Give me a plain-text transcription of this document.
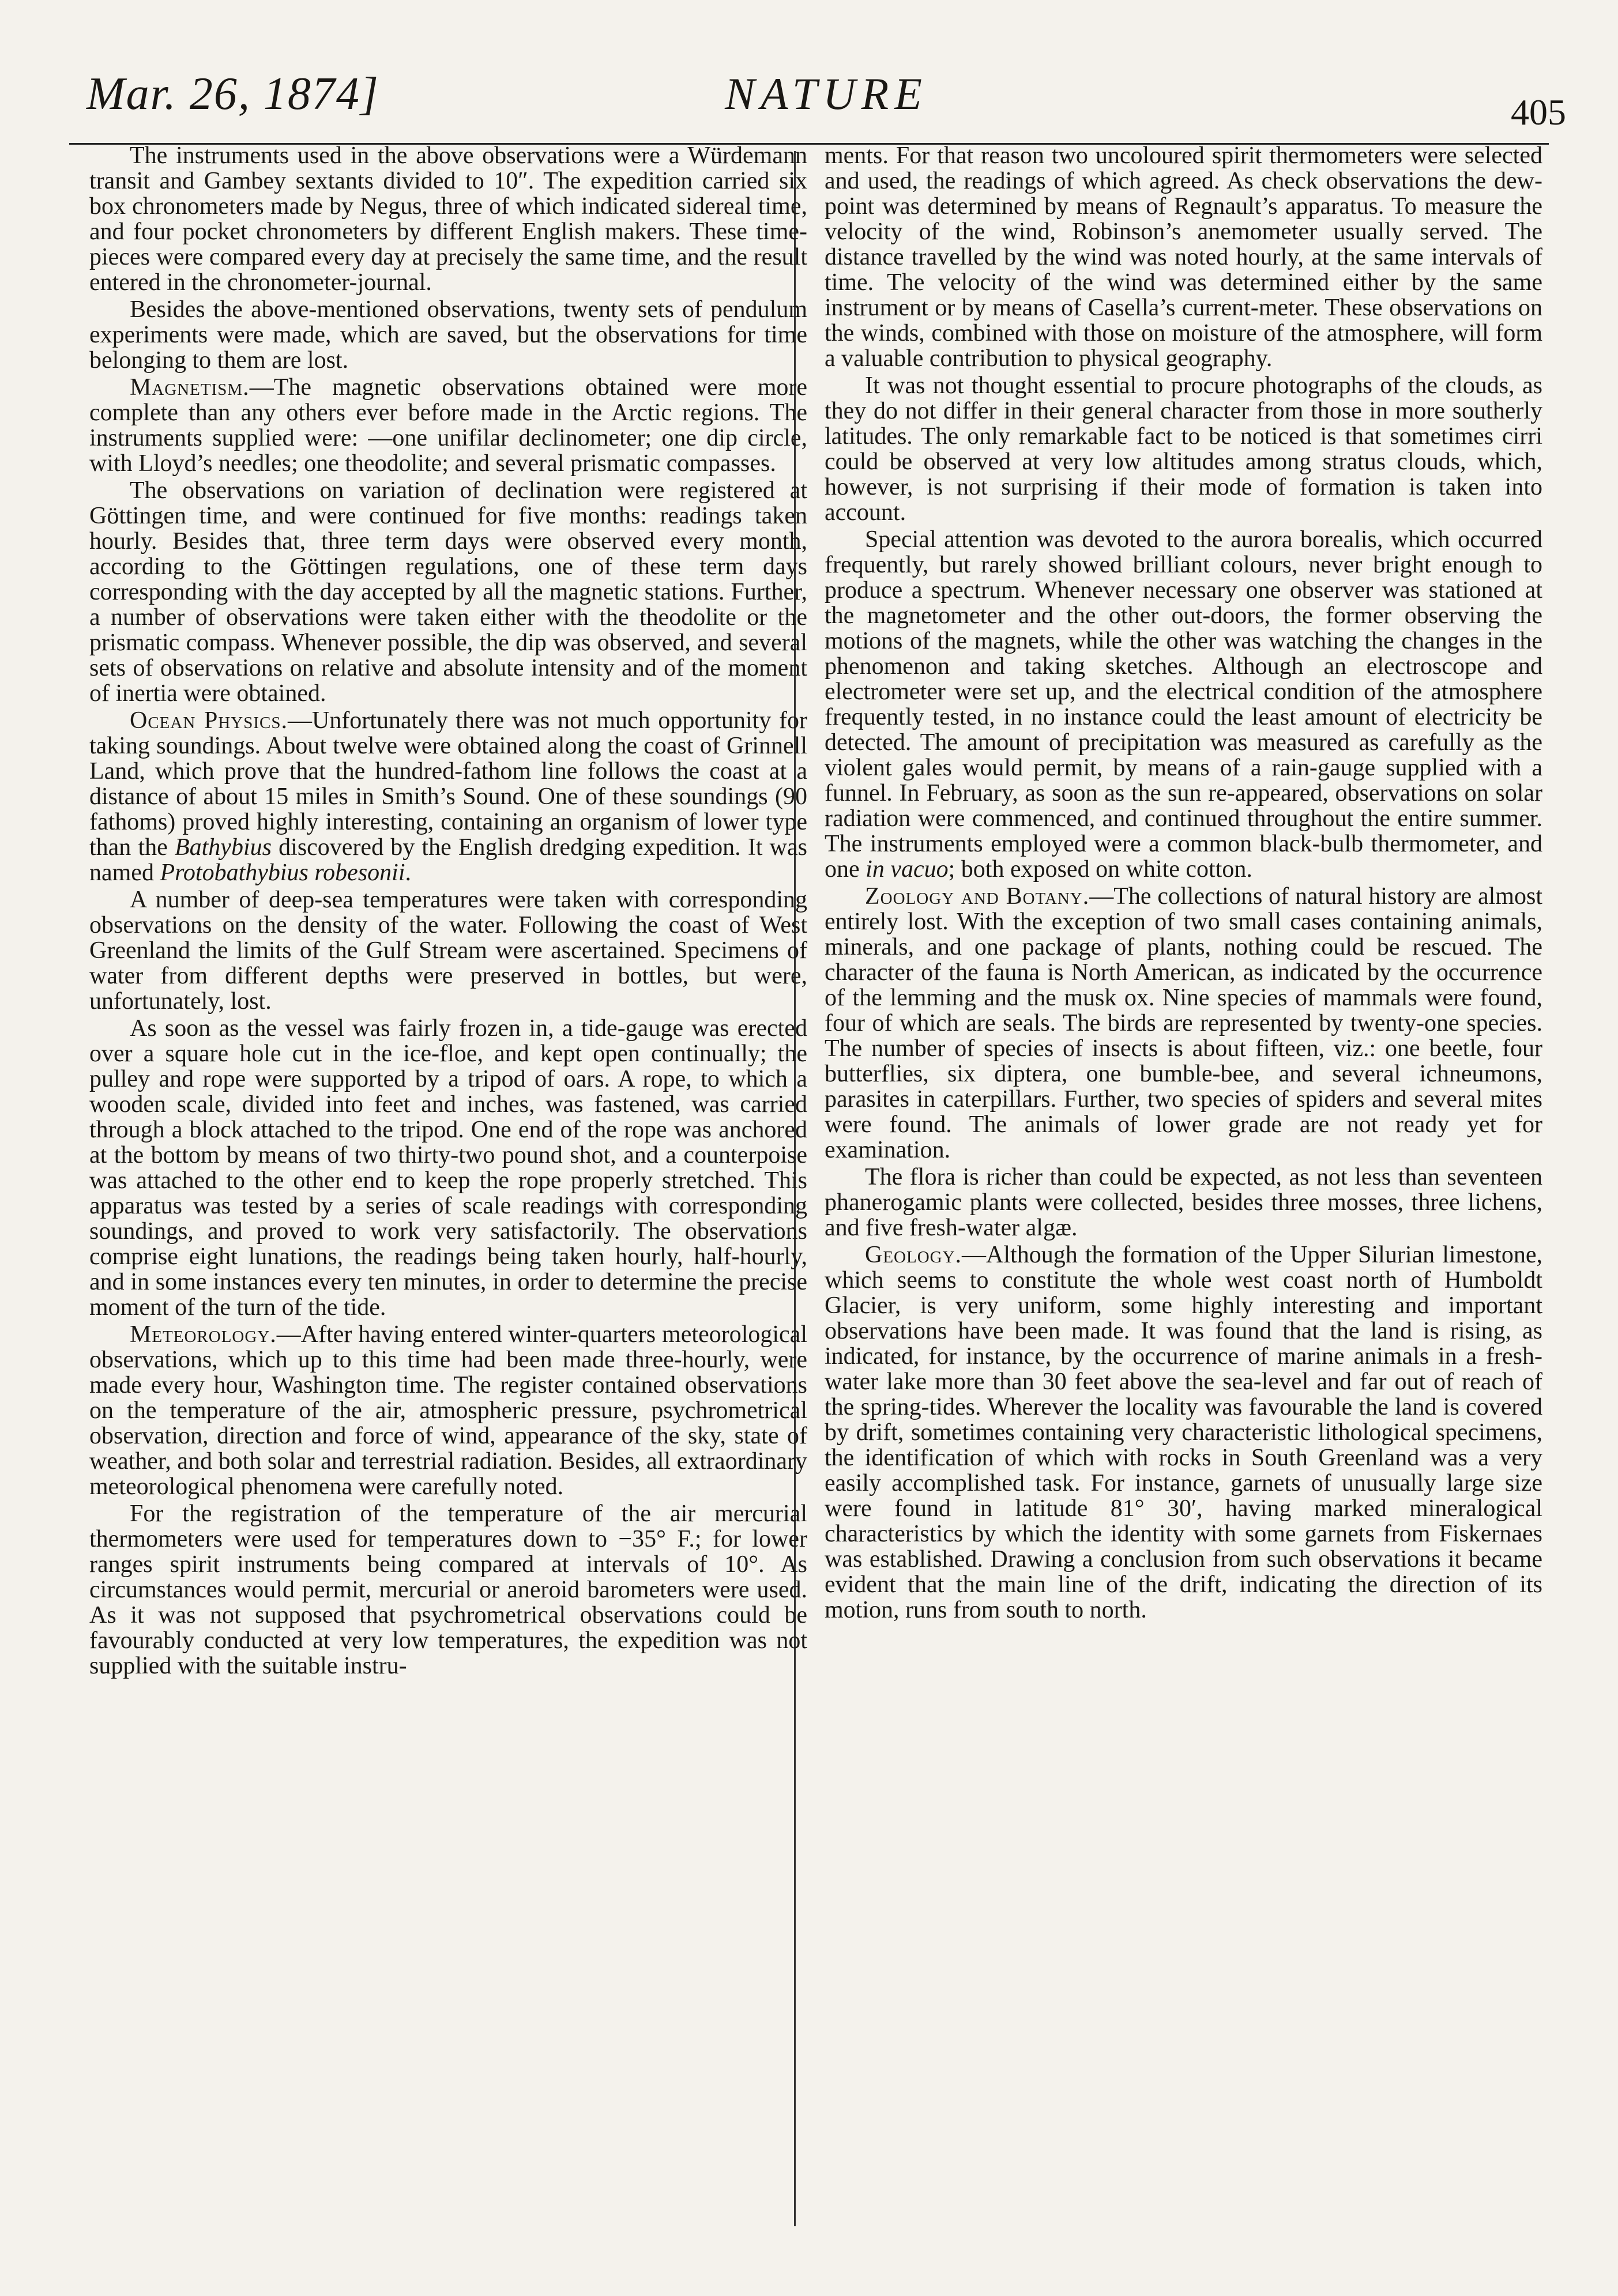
Mar. 26, 1874]	NATURE	405

The instruments used in the above observations were a Würdemann transit and Gambey sextants divided to 10″. The expedition carried six box chronometers made by Negus, three of which indicated sidereal time, and four pocket chronometers by different English makers. These time-pieces were compared every day at precisely the same time, and the result entered in the chronometer-journal.

Besides the above-mentioned observations, twenty sets of pendulum experiments were made, which are saved, but the observations for time belonging to them are lost.

Magnetism.—The magnetic observations obtained were more complete than any others ever before made in the Arctic regions. The instruments supplied were: —one unifilar declinometer; one dip circle, with Lloyd’s needles; one theodolite; and several prismatic compasses.

The observations on variation of declination were registered at Göttingen time, and were continued for five months: readings taken hourly. Besides that, three term days were observed every month, according to the Göttingen regulations, one of these term days corresponding with the day accepted by all the magnetic stations. Further, a number of observations were taken either with the theodolite or the prismatic compass. Whenever possible, the dip was observed, and several sets of observations on relative and absolute intensity and of the moment of inertia were obtained.

Ocean Physics.—Unfortunately there was not much opportunity for taking soundings. About twelve were obtained along the coast of Grinnell Land, which prove that the hundred-fathom line follows the coast at a distance of about 15 miles in Smith’s Sound. One of these soundings (90 fathoms) proved highly interesting, containing an organism of lower type than the Bathybius discovered by the English dredging expedition. It was named Protobathybius robesonii.

A number of deep-sea temperatures were taken with corresponding observations on the density of the water. Following the coast of West Greenland the limits of the Gulf Stream were ascertained. Specimens of water from different depths were preserved in bottles, but were, unfortunately, lost.

As soon as the vessel was fairly frozen in, a tide-gauge was erected over a square hole cut in the ice-floe, and kept open continually; the pulley and rope were supported by a tripod of oars. A rope, to which a wooden scale, divided into feet and inches, was fastened, was carried through a block attached to the tripod. One end of the rope was anchored at the bottom by means of two thirty-two pound shot, and a counterpoise was attached to the other end to keep the rope properly stretched. This apparatus was tested by a series of scale readings with corresponding soundings, and proved to work very satisfactorily. The observations comprise eight lunations, the readings being taken hourly, half-hourly, and in some instances every ten minutes, in order to determine the precise moment of the turn of the tide.

Meteorology.—After having entered winter-quarters meteorological observations, which up to this time had been made three-hourly, were made every hour, Washington time. The register contained observations on the temperature of the air, atmospheric pressure, psychrometrical observation, direction and force of wind, appearance of the sky, state of weather, and both solar and terrestrial radiation. Besides, all extraordinary meteorological phenomena were carefully noted.

For the registration of the temperature of the air mercurial thermometers were used for temperatures down to −35° F.; for lower ranges spirit instruments being compared at intervals of 10°. As circumstances would permit, mercurial or aneroid barometers were used. As it was not supposed that psychrometrical observations could be favourably conducted at very low temperatures, the expedition was not supplied with the suitable instru-

ments. For that reason two uncoloured spirit thermometers were selected and used, the readings of which agreed. As check observations the dew-point was determined by means of Regnault’s apparatus. To measure the velocity of the wind, Robinson’s anemometer usually served. The distance travelled by the wind was noted hourly, at the same intervals of time. The velocity of the wind was determined either by the same instrument or by means of Casella’s current-meter. These observations on the winds, combined with those on moisture of the atmosphere, will form a valuable contribution to physical geography.

It was not thought essential to procure photographs of the clouds, as they do not differ in their general character from those in more southerly latitudes. The only remarkable fact to be noticed is that sometimes cirri could be observed at very low altitudes among stratus clouds, which, however, is not surprising if their mode of formation is taken into account.

Special attention was devoted to the aurora borealis, which occurred frequently, but rarely showed brilliant colours, never bright enough to produce a spectrum. Whenever necessary one observer was stationed at the magnetometer and the other out-doors, the former observing the motions of the magnets, while the other was watching the changes in the phenomenon and taking sketches. Although an electroscope and electrometer were set up, and the electrical condition of the atmosphere frequently tested, in no instance could the least amount of electricity be detected. The amount of precipitation was measured as carefully as the violent gales would permit, by means of a rain-gauge supplied with a funnel. In February, as soon as the sun re-appeared, observations on solar radiation were commenced, and continued throughout the entire summer. The instruments employed were a common black-bulb thermometer, and one in vacuo; both exposed on white cotton.

Zoology and Botany.—The collections of natural history are almost entirely lost. With the exception of two small cases containing animals, minerals, and one package of plants, nothing could be rescued. The character of the fauna is North American, as indicated by the occurrence of the lemming and the musk ox. Nine species of mammals were found, four of which are seals. The birds are represented by twenty-one species. The number of species of insects is about fifteen, viz.: one beetle, four butterflies, six diptera, one bumble-bee, and several ichneumons, parasites in caterpillars. Further, two species of spiders and several mites were found. The animals of lower grade are not ready yet for examination.

The flora is richer than could be expected, as not less than seventeen phanerogamic plants were collected, besides three mosses, three lichens, and five fresh-water algæ.

Geology.—Although the formation of the Upper Silurian limestone, which seems to constitute the whole west coast north of Humboldt Glacier, is very uniform, some highly interesting and important observations have been made. It was found that the land is rising, as indicated, for instance, by the occurrence of marine animals in a fresh-water lake more than 30 feet above the sea-level and far out of reach of the spring-tides. Wherever the locality was favourable the land is covered by drift, sometimes containing very characteristic lithological specimens, the identification of which with rocks in South Greenland was a very easily accomplished task. For instance, garnets of unusually large size were found in latitude 81° 30′, having marked mineralogical characteristics by which the identity with some garnets from Fiskernaes was established. Drawing a conclusion from such observations it became evident that the main line of the drift, indicating the direction of its motion, runs from south to north.
